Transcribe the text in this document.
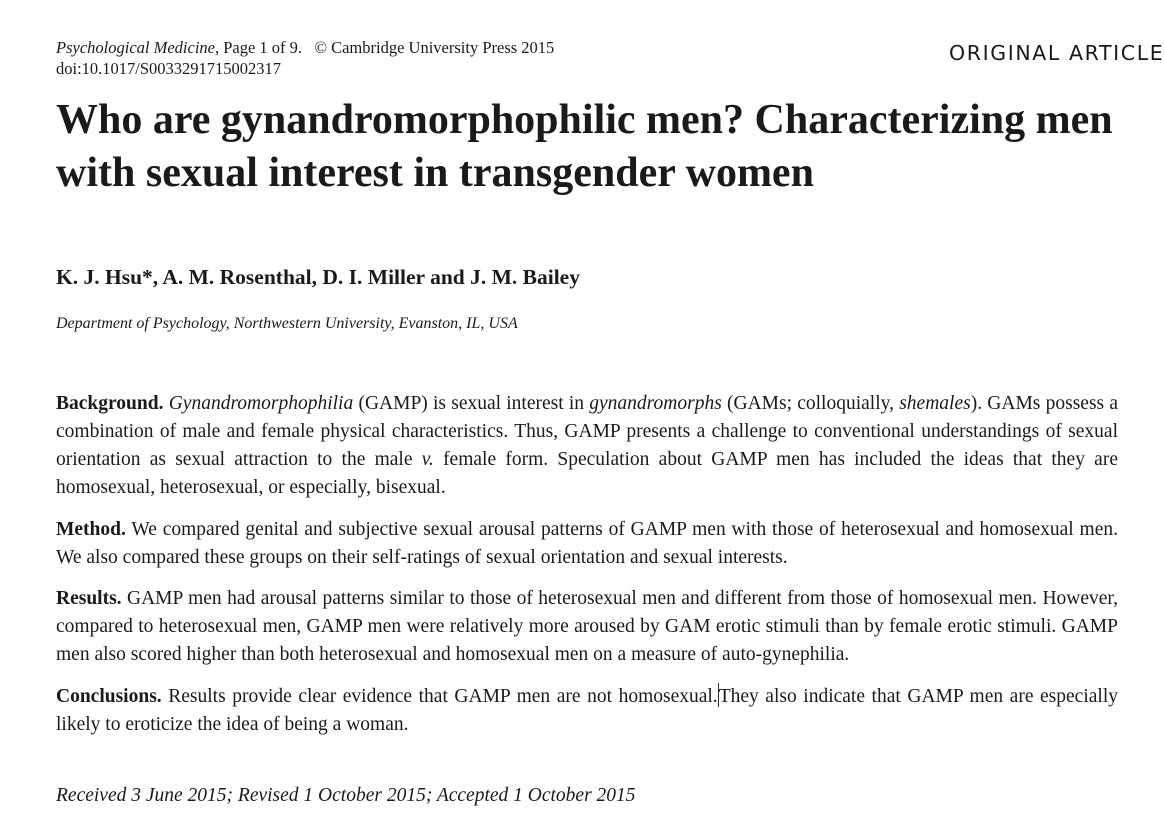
Psychological Medicine, Page 1 of 9. © Cambridge University Press 2015
doi:10.1017/S0033291715002317
ORIGINAL ARTICLE
Who are gynandromorphophilic men? Characterizing men with sexual interest in transgender women
K. J. Hsu*, A. M. Rosenthal, D. I. Miller and J. M. Bailey
Department of Psychology, Northwestern University, Evanston, IL, USA

Background. Gynandromorphophilia (GAMP) is sexual interest in gynandromorphs (GAMs; colloquially, shemales). GAMs possess a combination of male and female physical characteristics. Thus, GAMP presents a challenge to conventional understandings of sexual orientation as sexual attraction to the male v. female form. Speculation about GAMP men has included the ideas that they are homosexual, heterosexual, or especially, bisexual.

Method. We compared genital and subjective sexual arousal patterns of GAMP men with those of heterosexual and homosexual men. We also compared these groups on their self-ratings of sexual orientation and sexual interests.

Results. GAMP men had arousal patterns similar to those of heterosexual men and different from those of homosexual men. However, compared to heterosexual men, GAMP men were relatively more aroused by GAM erotic stimuli than by female erotic stimuli. GAMP men also scored higher than both heterosexual and homosexual men on a measure of auto-gynephilia.

Conclusions. Results provide clear evidence that GAMP men are not homosexual.They also indicate that GAMP men are especially likely to eroticize the idea of being a woman.

Received 3 June 2015; Revised 1 October 2015; Accepted 1 October 2015
